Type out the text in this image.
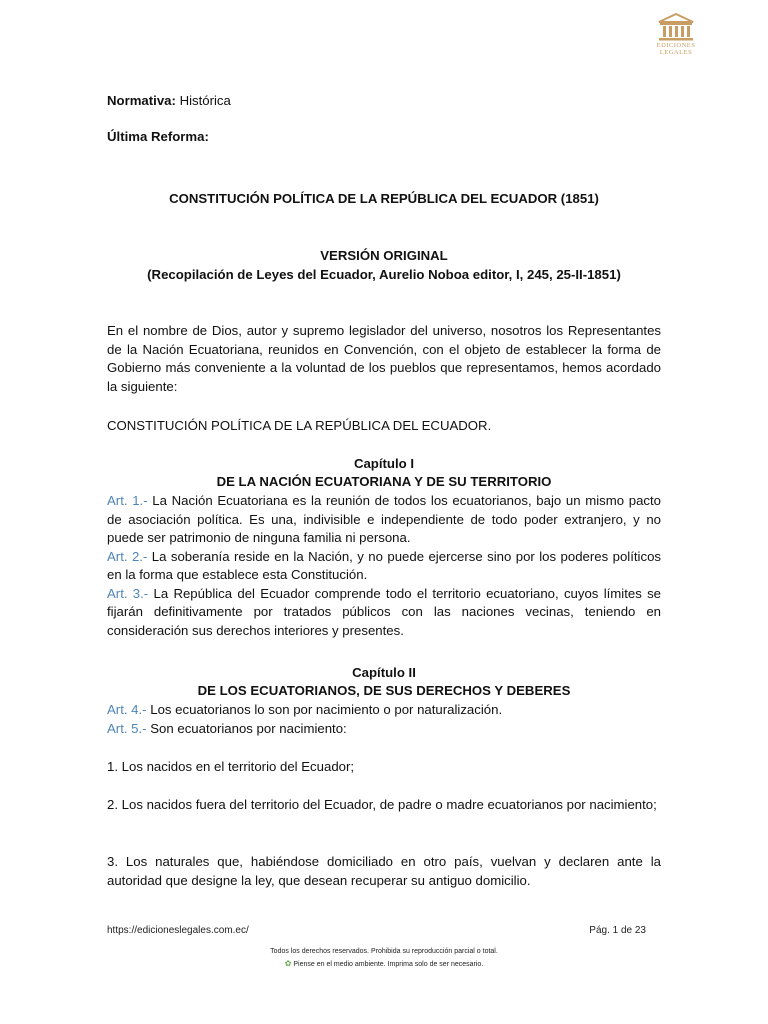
EDICIONES
LEGALES
Normativa: Histórica
Última Reforma:
CONSTITUCIÓN POLÍTICA DE LA REPÚBLICA DEL ECUADOR (1851)
VERSIÓN ORIGINAL
(Recopilación de Leyes del Ecuador, Aurelio Noboa editor, I, 245, 25-II-1851)
En el nombre de Dios, autor y supremo legislador del universo, nosotros los Representantes de la Nación Ecuatoriana, reunidos en Convención, con el objeto de establecer la forma de Gobierno más conveniente a la voluntad de los pueblos que representamos, hemos acordado la siguiente:
CONSTITUCIÓN POLÍTICA DE LA REPÚBLICA DEL ECUADOR.
Capítulo I
DE LA NACIÓN ECUATORIANA Y DE SU TERRITORIO
Art. 1.- La Nación Ecuatoriana es la reunión de todos los ecuatorianos, bajo un mismo pacto de asociación política. Es una, indivisible e independiente de todo poder extranjero, y no puede ser patrimonio de ninguna familia ni persona.
Art. 2.- La soberanía reside en la Nación, y no puede ejercerse sino por los poderes políticos en la forma que establece esta Constitución.
Art. 3.- La República del Ecuador comprende todo el territorio ecuatoriano, cuyos límites se fijarán definitivamente por tratados públicos con las naciones vecinas, teniendo en consideración sus derechos interiores y presentes.
Capítulo II
DE LOS ECUATORIANOS, DE SUS DERECHOS Y DEBERES
Art. 4.- Los ecuatorianos lo son por nacimiento o por naturalización.
Art. 5.- Son ecuatorianos por nacimiento:
1. Los nacidos en el territorio del Ecuador;
2. Los nacidos fuera del territorio del Ecuador, de padre o madre ecuatorianos por nacimiento;
3. Los naturales que, habiéndose domiciliado en otro país, vuelvan y declaren ante la autoridad que designe la ley, que desean recuperar su antiguo domicilio.
https://edicioneslegales.com.ec/	Pág. 1 de 23
Todos los derechos reservados. Prohibida su reproducción parcial o total.
✿ Piense en el medio ambiente. Imprima solo de ser necesario.
